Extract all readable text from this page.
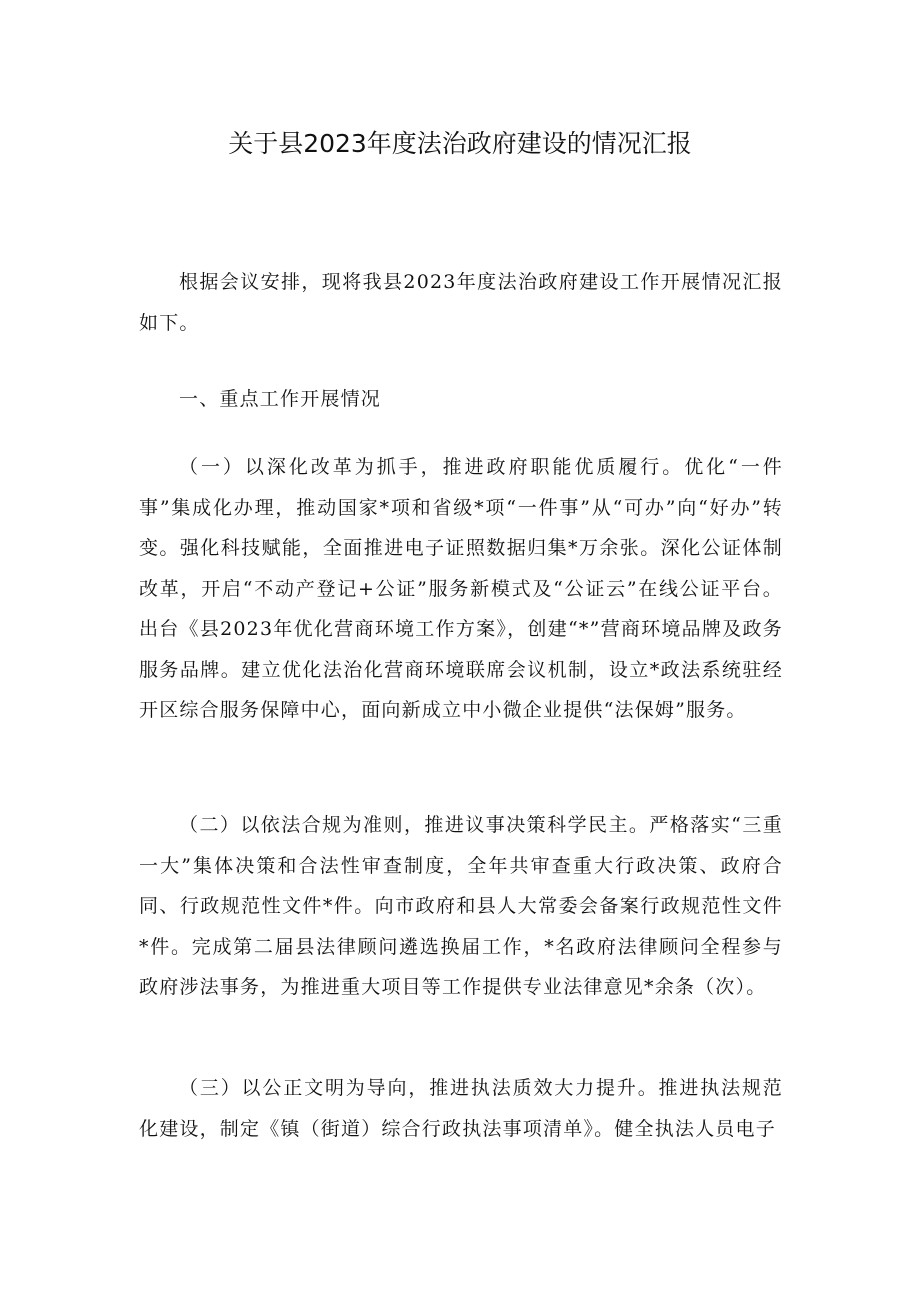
关于县2023年度法治政府建设的情况汇报

根据会议安排，现将我县2023年度法治政府建设工作开展情况汇报如下。

一、重点工作开展情况

（一）以深化改革为抓手，推进政府职能优质履行。优化“一件事”集成化办理，推动国家*项和省级*项“一件事”从“可办”向“好办”转变。强化科技赋能，全面推进电子证照数据归集*万余张。深化公证体制改革，开启“不动产登记+公证”服务新模式及“公证云”在线公证平台。出台《县2023年优化营商环境工作方案》，创建“*”营商环境品牌及政务服务品牌。建立优化法治化营商环境联席会议机制，设立*政法系统驻经开区综合服务保障中心，面向新成立中小微企业提供“法保姆”服务。

（二）以依法合规为准则，推进议事决策科学民主。严格落实“三重一大”集体决策和合法性审查制度，全年共审查重大行政决策、政府合同、行政规范性文件*件。向市政府和县人大常委会备案行政规范性文件*件。完成第二届县法律顾问遴选换届工作，*名政府法律顾问全程参与政府涉法事务，为推进重大项目等工作提供专业法律意见*余条（次）。

（三）以公正文明为导向，推进执法质效大力提升。推进执法规范化建设，制定《镇（街道）综合行政执法事项清单》。健全执法人员电子
